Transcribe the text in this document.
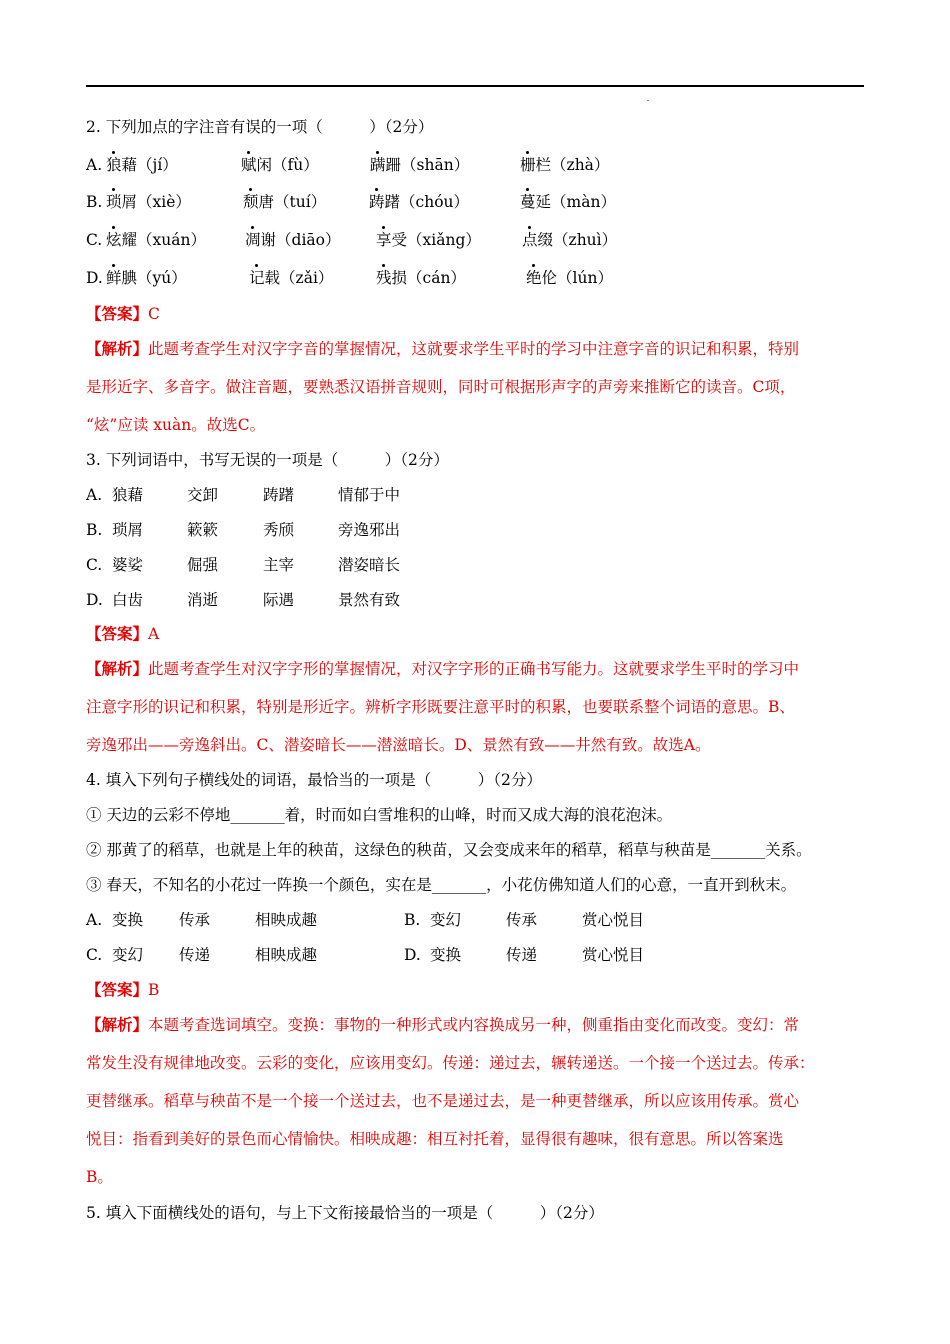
2. 下列加点的字注音有误的一项（　　　）（2分）
A. 狼藉（jí）	赋闲（fù）	蹒跚（shān）	栅栏（zhà）
B. 琐屑（xiè）	颓唐（tuí）	踌躇（chóu）	蔓延（màn）
C. 炫耀（xuán）	凋谢（diāo） 享受（xiǎng）	点缀（zhuì）
D. 鲜腆（yú）	记载（zǎi）	残损（cán）	绝伦（lún）
【答案】C
【解析】此题考查学生对汉字字音的掌握情况，这就要求学生平时的学习中注意字音的识记和积累，特别
是形近字、多音字。做注音题，要熟悉汉语拼音规则，同时可根据形声字的声旁来推断它的读音。C项，
“炫”应读 xuàn。故选C。
3. 下列词语中，书写无误的一项是（　　　）（2分）
A. 狼藉	交卸	踌躇	情郁于中
B. 琐屑	簌簌	秀颀	旁逸邪出
C. 婆娑	倔强	主宰	潜姿暗长
D. 白齿	消逝	际遇	景然有致
【答案】A
【解析】此题考查学生对汉字字形的掌握情况，对汉字字形的正确书写能力。这就要求学生平时的学习中
注意字形的识记和积累，特别是形近字。辨析字形既要注意平时的积累，也要联系整个词语的意思。B、
旁逸邪出——旁逸斜出。C、潜姿暗长——潜滋暗长。D、景然有致——井然有致。故选A。
4. 填入下列句子横线处的词语，最恰当的一项是（　　　）（2分）
① 天边的云彩不停地_______着，时而如白雪堆积的山峰，时而又成大海的浪花泡沫。
② 那黄了的稻草，也就是上年的秧苗，这绿色的秧苗，又会变成来年的稻草，稻草与秧苗是_______关系。
③ 春天，不知名的小花过一阵换一个颜色，实在是_______，小花仿佛知道人们的心意，一直开到秋末。
A. 变换 传承	相映成趣	B. 变幻	传承	赏心悦目
C. 变幻 传递	相映成趣	D. 变换	传递	赏心悦目
【答案】B
【解析】本题考查选词填空。变换：事物的一种形式或内容换成另一种，侧重指由变化而改变。变幻：常
常发生没有规律地改变。云彩的变化，应该用变幻。传递：递过去，辗转递送。一个接一个送过去。传承：
更替继承。稻草与秧苗不是一个接一个送过去，也不是递过去，是一种更替继承，所以应该用传承。赏心
悦目：指看到美好的景色而心情愉快。相映成趣：相互衬托着，显得很有趣味，很有意思。所以答案选
B。
5. 填入下面横线处的语句，与上下文衔接最恰当的一项是（　　　）（2分）
